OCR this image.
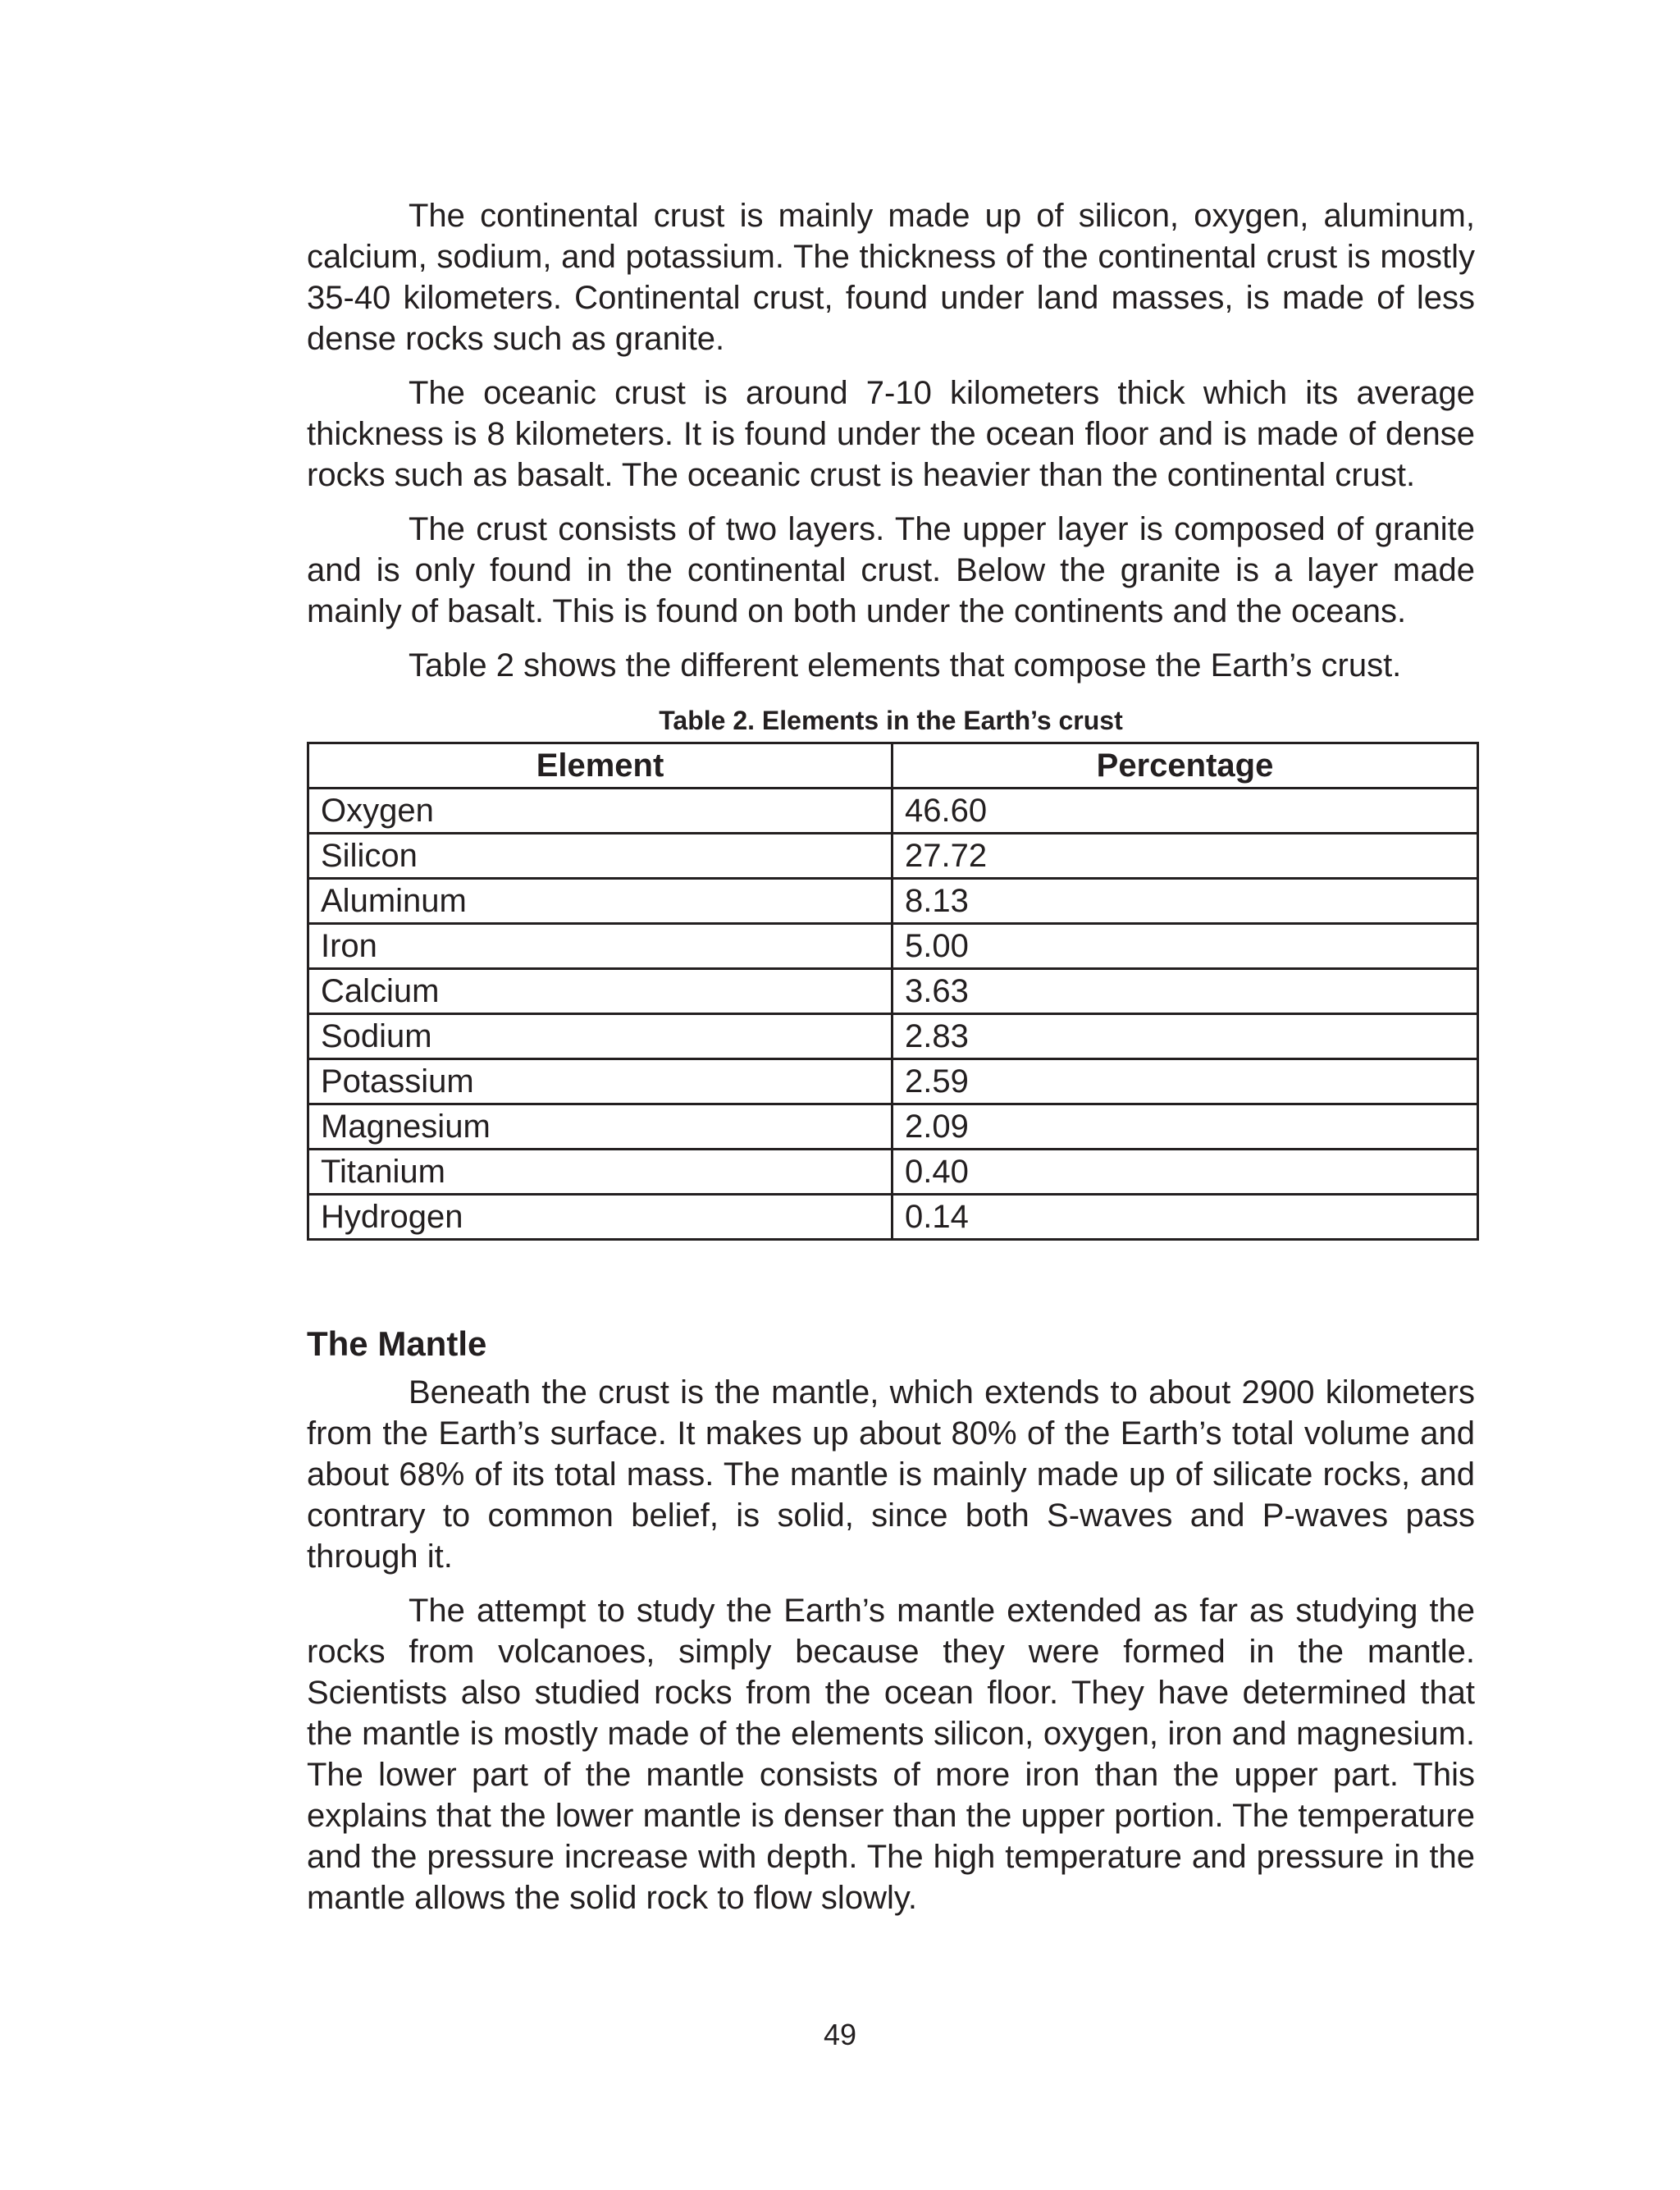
The continental crust is mainly made up of silicon, oxygen, aluminum, calcium, sodium, and potassium. The thickness of the continental crust is mostly 35-40 kilometers. Continental crust, found under land masses, is made of less dense rocks such as granite.

The oceanic crust is around 7-10 kilometers thick which its average thickness is 8 kilometers. It is found under the ocean floor and is made of dense rocks such as basalt. The oceanic crust is heavier than the continental crust.

The crust consists of two layers. The upper layer is composed of granite and is only found in the continental crust. Below the granite is a layer made mainly of basalt. This is found on both under the continents and the oceans.

Table 2 shows the different elements that compose the Earth’s crust.

Table 2. Elements in the Earth’s crust

Element	Percentage
Oxygen	46.60
Silicon	27.72
Aluminum	8.13
Iron	5.00
Calcium	3.63
Sodium	2.83
Potassium	2.59
Magnesium	2.09
Titanium	0.40
Hydrogen	0.14
The Mantle

Beneath the crust is the mantle, which extends to about 2900 kilometers from the Earth’s surface. It makes up about 80% of the Earth’s total volume and about 68% of its total mass. The mantle is mainly made up of silicate rocks, and contrary to common belief, is solid, since both S-waves and P-waves pass through it.

The attempt to study the Earth’s mantle extended as far as studying the rocks from volcanoes, simply because they were formed in the mantle. Scientists also studied rocks from the ocean floor. They have determined that the mantle is mostly made of the elements silicon, oxygen, iron and magnesium. The lower part of the mantle consists of more iron than the upper part. This explains that the lower mantle is denser than the upper portion. The temperature and the pressure increase with depth. The high temperature and pressure in the mantle allows the solid rock to flow slowly.

49
